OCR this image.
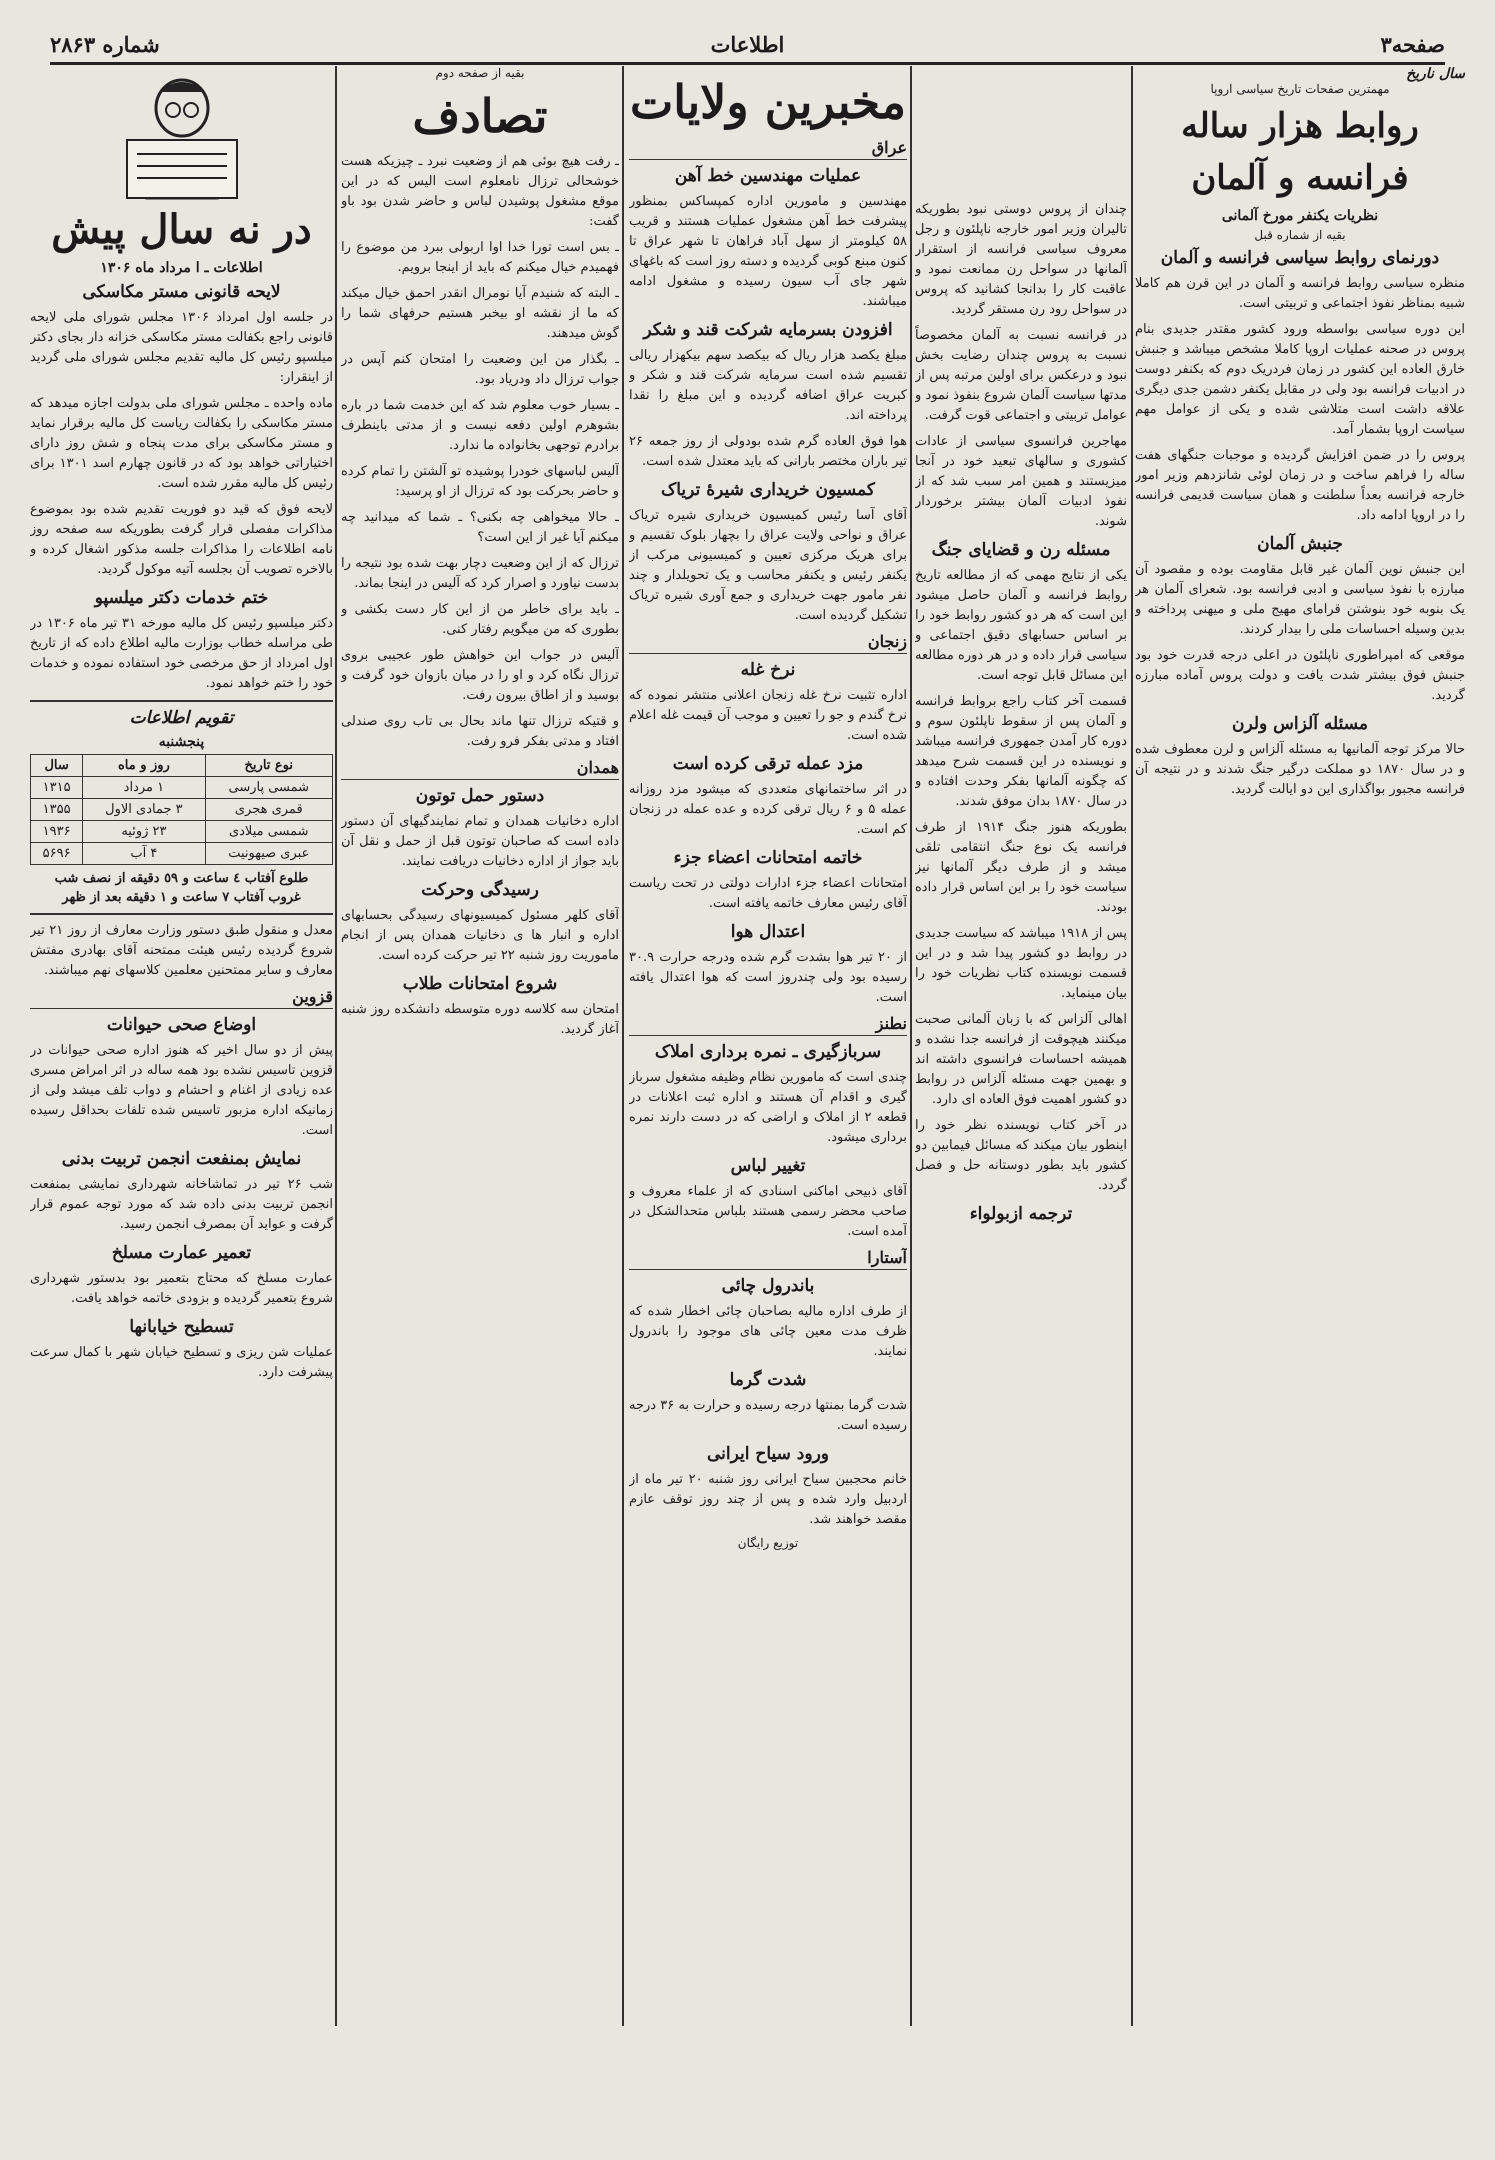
صفحه۳
اطلاعات
شماره ۲۸۶۳
سال ناریخ
مهمترین صفحات تاریخ سیاسی اروپا
روابط هزار ساله فرانسه و آلمان
نظریات یکنفر مورخ آلمانی
بقیه از شماره قبل
دورنمای روابط سیاسی فرانسه و آلمان

منظره سیاسی روابط فرانسه و آلمان در این قرن هم کاملا شبیه بمناظر نفوذ اجتماعی و تربیتی است.

این دوره سیاسی بواسطه ورود کشور مقتدر جدیدی بنام پروس در صحنه عملیات اروپا کاملا مشخص میباشد و جنبش خارق العاده این کشور در زمان فردریک دوم که بکنفر دوست در ادبیات فرانسه بود ولی در مقابل یکنفر دشمن جدی دیگری علاقه داشت است متلاشی شده و یکی از عوامل مهم سیاست اروپا بشمار آمد.

پروس را در ضمن افزایش گردیده و موجبات جنگهای هفت ساله را فراهم ساخت و در زمان لوئی شانزدهم وزیر امور خارجه فرانسه بعداً سلطنت و همان سیاست قدیمی فرانسه را در اروپا ادامه داد.

جنبش آلمان

این جنبش نوین آلمان غیر قابل مقاومت بوده و مقصود آن مبارزه با نفوذ سیاسی و ادبی فرانسه بود. شعرای آلمان هر یک بنوبه خود بنوشتن قرامای مهیج ملی و میهنی پرداخته و بدین وسیله احساسات ملی را بیدار کردند.

موقعی که امپراطوری ناپلئون در اعلی درجه قدرت خود بود جنبش فوق بیشتر شدت یافت و دولت پروس آماده مبارزه گردید.

مسئله آلزاس ولرن

حالا مرکز توجه آلمانیها به مسئله آلزاس و لرن معطوف شده و در سال ۱۸۷۰ دو مملکت درگیر جنگ شدند و در نتیجه آن فرانسه مجبور بواگذاری این دو ایالت گردید.

چندان از پروس دوستی نبود بطوریکه تالیران وزیر امور خارجه ناپلئون و رجل معروف سیاسی فرانسه از استقرار آلمانها در سواحل رن ممانعت نمود و عاقبت کار را بدانجا کشانید که پروس در سواحل رود رن مستقر گردید.

در فرانسه نسبت به آلمان مخصوصاً نسبت به پروس چندان رضایت بخش نبود و درعکس برای اولین مرتبه پس از مدتها سیاست آلمان شروع بنفوذ نمود و عوامل تربیتی و اجتماعی قوت گرفت.

مهاجرین فرانسوی سیاسی از عادات کشوری و سالهای تبعید خود در آنجا میزیستند و همین امر سبب شد که از نفوذ ادبیات آلمان بیشتر برخوردار شوند.

مسئله رن و قضایای جنگ

یکی از نتایج مهمی که از مطالعه تاریخ روابط فرانسه و آلمان حاصل میشود این است که هر دو کشور روابط خود را بر اساس حسابهای دقیق اجتماعی و سیاسی قرار داده و در هر دوره مطالعه این مسائل قابل توجه است.

قسمت آخر کتاب راجع بروابط فرانسه و آلمان پس از سقوط ناپلئون سوم و دوره کار آمدن جمهوری فرانسه میباشد و نویسنده در این قسمت شرح میدهد که چگونه آلمانها بفکر وحدت افتاده و در سال ۱۸۷۰ بدان موفق شدند.

بطوریکه هنوز جنگ ۱۹۱۴ از طرف فرانسه یک نوع جنگ انتقامی تلقی میشد و از طرف دیگر آلمانها نیز سیاست خود را بر این اساس قرار داده بودند.

پس از ۱۹۱۸ میباشد که سیاست جدیدی در روابط دو کشور پیدا شد و در این قسمت نویسنده کتاب نظریات خود را بیان مینماید.

اهالی آلزاس که با زبان آلمانی صحبت میکنند هیچوقت از فرانسه جدا نشده و همیشه احساسات فرانسوی داشته اند و بهمین جهت مسئله آلزاس در روابط دو کشور اهمیت فوق العاده ای دارد.

در آخر کتاب نویسنده نظر خود را اینطور بیان میکند که مسائل فیمابین دو کشور باید بطور دوستانه حل و فصل گردد.

ترجمه ازبولواء
مخبرین ولایات
عراق
عملیات مهندسین خط آهن

مهندسین و مامورین اداره کمپساکس بمنظور پیشرفت خط آهن مشغول عملیات هستند و قریب ۵۸ کیلومتر از سهل آباد فراهان تا شهر عراق تا کنون مبنع کوبی گردیده و دسته روز است که باغهای شهر جای آب سیون رسیده و مشغول ادامه میباشند.

افزودن بسرمایه شرکت قند و شکر

مبلغ یکصد هزار ریال که بیکصد سهم بیکهزار ریالی تقسیم شده است سرمایه شرکت قند و شکر و کبریت عراق اضافه گردیده و این مبلغ را نقدا پرداخته اند.

هوا فوق العاده گرم شده بودولی از روز جمعه ۲۶ تیر باران مختصر بارانی که باید معتدل شده است.

کمسیون خریداری شیرهٔ تریاک

آقای آسا رئیس کمیسیون خریداری شیره تریاک عراق و نواحی ولایت عراق را بچهار بلوک تقسیم و برای هریک مرکزی تعیین و کمیسیونی مرکب از یکنفر رئیس و یکنفر محاسب و یک تحویلدار و چند نفر مامور جهت خریداری و جمع آوری شیره تریاک تشکیل گردیده است.

زنجان
نرخ غله

اداره تثبیت نرخ غله زنجان اعلانی منتشر نموده که نرخ گندم و جو را تعیین و موجب آن قیمت غله اعلام شده است.

مزد عمله ترقی کرده است

در اثر ساختمانهای متعددی که میشود مزد روزانه عمله ۵ و ۶ ریال ترقی کرده و عده عمله در زنجان کم است.

خاتمه امتحانات اعضاء جزء

امتحانات اعضاء جزء ادارات دولتی در تحت ریاست آقای رئیس معارف خاتمه یافته است.

اعتدال هوا

از ۲۰ تیر هوا بشدت گرم شده ودرجه حرارت ۳۰.۹ رسیده بود ولی چندروز است که هوا اعتدال یافته است.

نطنز
سربازگیری ـ نمره برداری املاک

چندی است که مامورین نظام وظیفه مشغول سرباز گیری و اقدام آن هستند و اداره ثبت اعلانات در قطعه ۲ از املاک و اراضی که در دست دارند نمره برداری میشود.

تغییر لباس

آقای ذبیحی اماکنی اسنادی که از علماء معروف و صاحب محضر رسمی هستند بلباس متحدالشکل در آمده است.

آستارا
باندرول چائی

از طرف اداره مالیه بصاحبان چائی اخطار شده که ظرف مدت معین چائی های موجود را باندرول نمایند.

شدت گرما

شدت گرما بمنتها درجه رسیده و حرارت به ۳۶ درجه رسیده است.

ورود سیاح ایرانی

خانم محجبین سیاح ایرانی روز شنبه ۲۰ تیر ماه از اردبیل وارد شده و پس از چند روز توقف عازم مقصد خواهند شد.

توزیع رایگان
بقیه از صفحه دوم
تصادف

ـ رفت هیچ بوئی هم از وضعیت نبرد ـ چیزیکه هست خوشحالی ترزال نامعلوم است الیس که در این موقع مشغول پوشیدن لباس و حاضر شدن بود باو گفت:

ـ بس است تورا خدا اوا اربولی ببرد من موضوع را فهمیدم خیال میکنم که باید از اینجا برویم.

ـ البته که شنیدم آیا نومرال انقدر احمق خیال میکند که ما از نقشه او بیخبر هستیم حرفهای شما را گوش میدهند.

ـ بگذار من این وضعیت را امتحان کنم آپس در جواب ترزال داد ودریاد بود.

ـ بسیار خوب معلوم شد که این خدمت شما در باره بشوهرم اولین دفعه نیست و از مدتی باینطرف برادرم توجهی بخانواده ما ندارد.

آلیس لباسهای خودرا پوشیده تو آلشتن را تمام کرده و حاضر بحرکت بود که ترزال از او پرسید:

ـ حالا میخواهی چه بکنی؟ ـ شما که میدانید چه میکنم آیا غیر از این است؟

ترزال که از این وضعیت دچار بهت شده بود نتیجه را بدست نیاورد و اصرار کرد که آلیس در اینجا بماند.

ـ باید برای خاطر من از این کار دست بکشی و بطوری که من میگویم رفتار کنی.

آلیس در جواب این خواهش طور عجیبی بروی ترزال نگاه کرد و او را در میان بازوان خود گرفت و بوسید و از اطاق بیرون رفت.

و قتیکه ترزال تنها ماند بحال بی تاب روی صندلی افتاد و مدتی بفکر فرو رفت.

همدان
دستور حمل توتون

اداره دخانیات همدان و تمام نمایندگیهای آن دستور داده است که صاحبان توتون قبل از حمل و نقل آن باید جواز از اداره دخانیات دریافت نمایند.

رسیدگی وحرکت

آقای کلهر مسئول کمیسیونهای رسیدگی بحسابهای اداره و انبار ها ی دخانیات همدان پس از انجام ماموریت روز شنبه ۲۲ تیر حرکت کرده است.

شروع امتحانات طلاب

امتحان سه کلاسه دوره متوسطه دانشکده روز شنبه آغاز گردید.

در نه سال پیش
اطلاعات ـ ا مرداد ماه ۱۳۰۶
لایحه قانونی مستر مکاسکی

در جلسه اول امرداد ۱۳۰۶ مجلس شورای ملی لایحه قانونی راجع بکفالت مستر مکاسکی خزانه دار بجای دکتر میلسپو رئیس کل مالیه تقدیم مجلس شورای ملی گردید از اینقرار:

ماده واحده ـ مجلس شورای ملی بدولت اجازه میدهد که مستر مکاسکی را بکفالت ریاست کل مالیه برقرار نماید و مستر مکاسکی برای مدت پنجاه و شش روز دارای اختیاراتی خواهد بود که در قانون چهارم اسد ۱۳۰۱ برای رئیس کل مالیه مقرر شده است.

لایحه فوق که قید دو فوریت تقدیم شده بود بموضوع مذاکرات مفصلی قرار گرفت بطوریکه سه صفحه روز نامه اطلاعات را مذاکرات جلسه مذکور اشغال کرده و بالاخره تصویب آن بجلسه آتیه موکول گردید.

ختم خدمات دکتر میلسپو

دکتر میلسپو رئیس کل مالیه مورخه ۳۱ تیر ماه ۱۳۰۶ در طی مراسله خطاب بوزارت مالیه اطلاع داده که از تاریخ اول امرداد از حق مرخصی خود استفاده نموده و خدمات خود را ختم خواهد نمود.

تقویم اطلاعات
پنجشنبه
نوع تاریخ	روز و ماه	سال
شمسی پارسی	۱ مرداد	۱۳۱۵
قمری هجری	۳ جمادی الاول	۱۳۵۵
شمسی میلادی	۲۳ ژوئیه	۱۹۳۶
عبری صیهونیت	۴ آب	۵۶۹۶
طلوع آفتاب ٤ ساعت و ٥٩ دقيقه از نصف شب
غروب آفتاب ۷ ساعت و ۱ دقیقه بعد از ظهر

معدل و منقول طبق دستور وزارت معارف از روز ۲۱ تیر شروع گردیده رئیس هیئت ممتحنه آقای بهادری مفتش معارف و سایر ممتحنین معلمین کلاسهای نهم میباشند.

قزوین
اوضاع صحی حیوانات

پیش از دو سال اخیر که هنوز اداره صحی حیوانات در قزوین تاسیس نشده بود همه ساله در اثر امراض مسری عده زیادی از اغنام و احشام و دواب تلف میشد ولی از زمانیکه اداره مزبور تاسیس شده تلفات بحداقل رسیده است.

نمایش بمنفعت انجمن تربیت بدنی

شب ۲۶ تیر در تماشاخانه شهرداری نمایشی بمنفعت انجمن تربیت بدنی داده شد که مورد توجه عموم قرار گرفت و عواید آن بمصرف انجمن رسید.

تعمیر عمارت مسلخ

عمارت مسلخ که محتاج بتعمیر بود بدستور شهرداری شروع بتعمیر گردیده و بزودی خاتمه خواهد یافت.

تسطیح خیابانها

عملیات شن ریزی و تسطیح خیابان شهر با کمال سرعت پیشرفت دارد.
